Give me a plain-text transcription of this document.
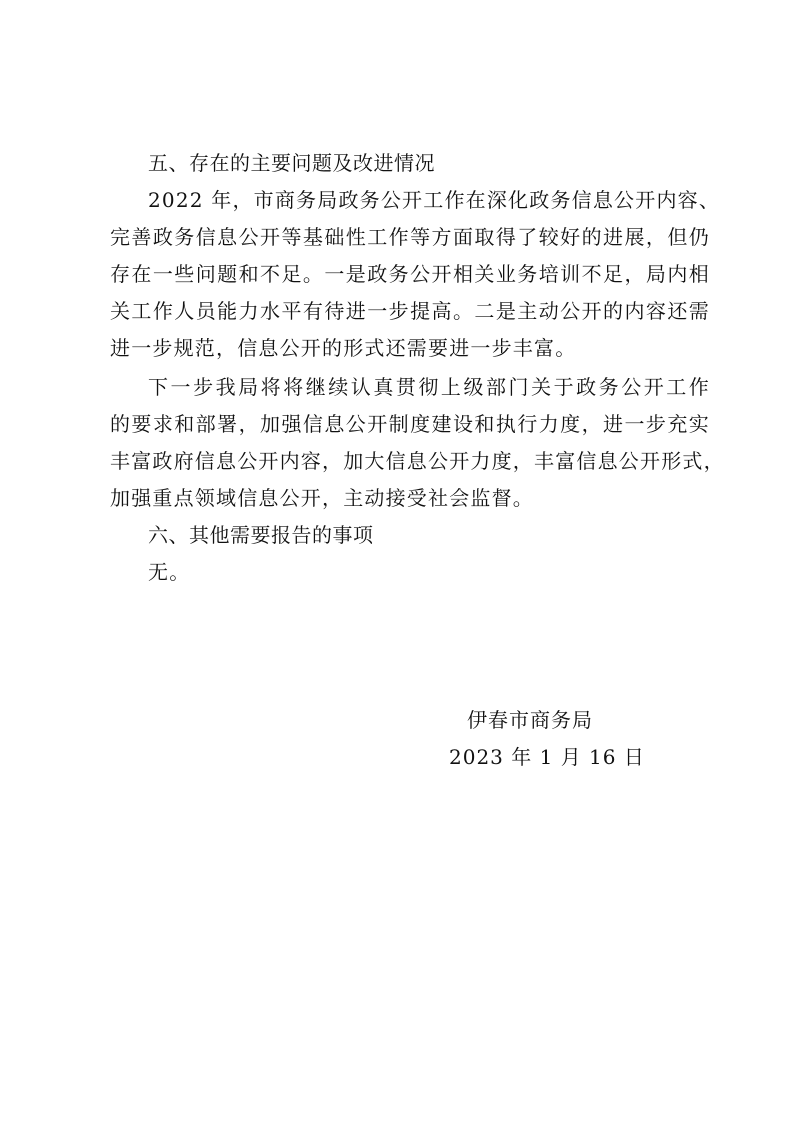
五、存在的主要问题及改进情况
2022 年，市商务局政务公开工作在深化政务信息公开内容、
完善政务信息公开等基础性工作等方面取得了较好的进展，但仍
存在一些问题和不足。一是政务公开相关业务培训不足，局内相
关工作人员能力水平有待进一步提高。二是主动公开的内容还需
进一步规范，信息公开的形式还需要进一步丰富。
下一步我局将将继续认真贯彻上级部门关于政务公开工作
的要求和部署，加强信息公开制度建设和执行力度，进一步充实
丰富政府信息公开内容，加大信息公开力度，丰富信息公开形式，
加强重点领域信息公开，主动接受社会监督。
六、其他需要报告的事项
无。
伊春市商务局
2023 年 1 月 16 日
